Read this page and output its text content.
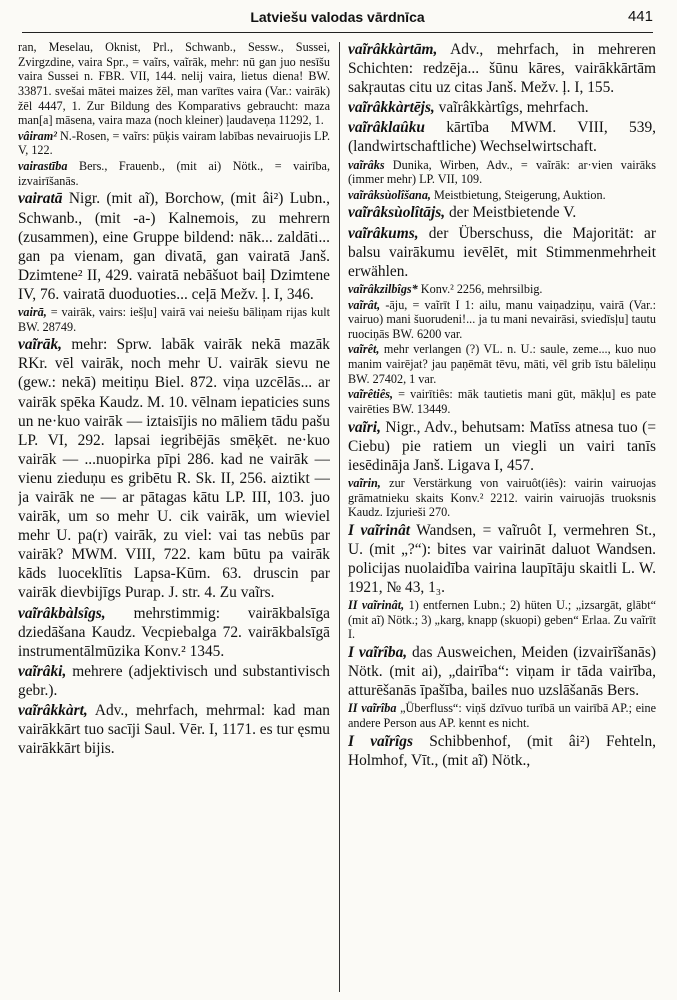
Latviešu valodas vārdnīca	441

ran, Meselau, Oknist, Prl., Schwanb., Sessw., Sussei, Zvirgzdine, vaira Spr., = vaĩrs, vaĩrāk, mehr: nū gan juo nesīšu vaira Sussei n. FBR. VII, 144. nelij vaira, lietus diena! BW. 33871. svešai mātei maizes žēl, man varītes vaira (Var.: vairāk) žēl 4447, 1. Zur Bildung des Komparativs gebraucht: maza man[a] māsena, vaira maza (noch kleiner) ļaudaveņa 11292, 1.

vâiram² N.-Rosen, = vaĩrs: pūķis vairam labības nevairuojis LP. V, 122.

vairastība Bers., Frauenb., (mit ai) Nötk., = vairība, izvairīšanās.

vairatā Nigr. (mit aĩ), Borchow, (mit âi²) Lubn., Schwanb., (mit -a-) Kalnemois, zu mehrern (zusammen), eine Gruppe bildend: nāk... zaldāti... gan pa vienam, gan divatā, gan vairatā Janš. Dzimtene² II, 429. vairatā nebāšuot baiļ Dzimtene IV, 76. vairatā duoduoties... ceļā Mežv. ļ. I, 346.

vairā, = vairāk, vairs: iešļu] vairā vai neiešu bāliņam rijas kult BW. 28749.

vaĩrāk, mehr: Sprw. labāk vairāk nekā mazāk RKr. vēl vairāk, noch mehr U. vairāk sievu ne (gew.: nekā) meitiņu Biel. 872. viņa uzcēlās... ar vairāk spēka Kaudz. M. 10. vēlnam iepaticies suns un ne·kuo vairāk — iztaisījis no māliem tādu pašu LP. VI, 292. lapsai iegribējās smēķēt. ne·kuo vairāk — ...nuopirka pīpi 286. kad ne vairāk — vienu zieduņu es gribētu R. Sk. II, 256. aiztikt — ja vairāk ne — ar pātagas kātu LP. III, 103. juo vairāk, um so mehr U. cik vairāk, um wieviel mehr U. pa(r) vairāk, zu viel: vai tas nebūs par vairāk? MWM. VIII, 722. kam būtu pa vairāk kāds luoceklītis Lapsa-Kūm. 63. druscin par vairāk dievbijīgs Purap. J. str. 4. Zu vaĩrs.

vaĩrâkbàlsîgs, mehrstimmig: vairākbalsīga dziedāšana Kaudz. Vecpiebalga 72. vairākbalsīgā instrumentālmūzika Konv.² 1345.

vaĩrâki, mehrere (adjektivisch und substantivisch gebr.).

vaĩrâkkàrt, Adv., mehrfach, mehrmal: kad man vairākkārt tuo sacīji Saul. Vēr. I, 1171. es tur ęsmu vairākkārt bijis.

vaĩrâkkàrtām, Adv., mehrfach, in mehreren Schichten: redzēja... šūnu kāres, vairākkārtām sakŗautas citu uz citas Janš. Mežv. ļ. I, 155.

vaĩrâkkàrtējs, vaĩrâkkàrtîgs, mehrfach.

vaĩrâklaûku kārtība MWM. VIII, 539, (landwirtschaftliche) Wechselwirtschaft.

vaĩrâks Dunika, Wirben, Adv., = vaĩrāk: ar·vien vairāks (immer mehr) LP. VII, 109.

vaĩrâksùolîšana, Meistbietung, Steigerung, Auktion.

vaĩrâksùolîtājs, der Meistbietende V.

vaĩrâkums, der Überschuss, die Majorität: ar balsu vairākumu ievēlēt, mit Stimmenmehrheit erwählen.

vaĩrâkzilbîgs* Konv.² 2256, mehrsilbig.

vaĩrât, -āju, = vaĩrīt I 1: ailu, manu vaiņadziņu, vairā (Var.: vairuo) mani šuorudeni!... ja tu mani nevairāsi, sviedīsļu] tautu ruociņās BW. 6200 var.

vaĩrêt, mehr verlangen (?) VL. n. U.: saule, zeme..., kuo nuo manim vairējat? jau paņēmāt tēvu, māti, vēl grib īstu bāleliņu BW. 27402, 1 var.

vaĩrêtiês, = vairītiês: māk tautietis mani gūt, mākļu] es pate vairēties BW. 13449.

vaĩri, Nigr., Adv., behutsam: Matīss atnesa tuo (= Ciebu) pie ratiem un viegli un vairi tanīs iesēdināja Janš. Ligava I, 457.

vaĩrin, zur Verstärkung von vairuôt(iês): vairin vairuojas grāmatnieku skaits Konv.² 2212. vairin vairuojās truoksnis Kaudz. Izjurieši 270.

I vaĩrinât Wandsen, = vaĩruôt I, vermehren St., U. (mit „?“): bites var vairināt daluot Wandsen. policijas nuolaidība vairina laupītāju skaitli L. W. 1921, № 43, 1₃.

II vaĩrinât, 1) entfernen Lubn.; 2) hüten U.; „izsargāt, glābt“ (mit aĩ) Nötk.; 3) „karg, knapp (skuopi) geben“ Erlaa. Zu vaĩrīt I.

I vaĩrîba, das Ausweichen, Meiden (izvairīšanās) Nötk. (mit ai), „dairība“: viņam ir tāda vairība, atturēšanās īpašība, bailes nuo uzslāšanās Bers.

II vaĩrîba „Überfluss“: viņš dzīvuo turībā un vairībā AP.; eine andere Person aus AP. kennt es nicht.

I vaĩrîgs Schibbenhof, (mit âi²) Fehteln, Holmhof, Vīt., (mit aĩ) Nötk.,
